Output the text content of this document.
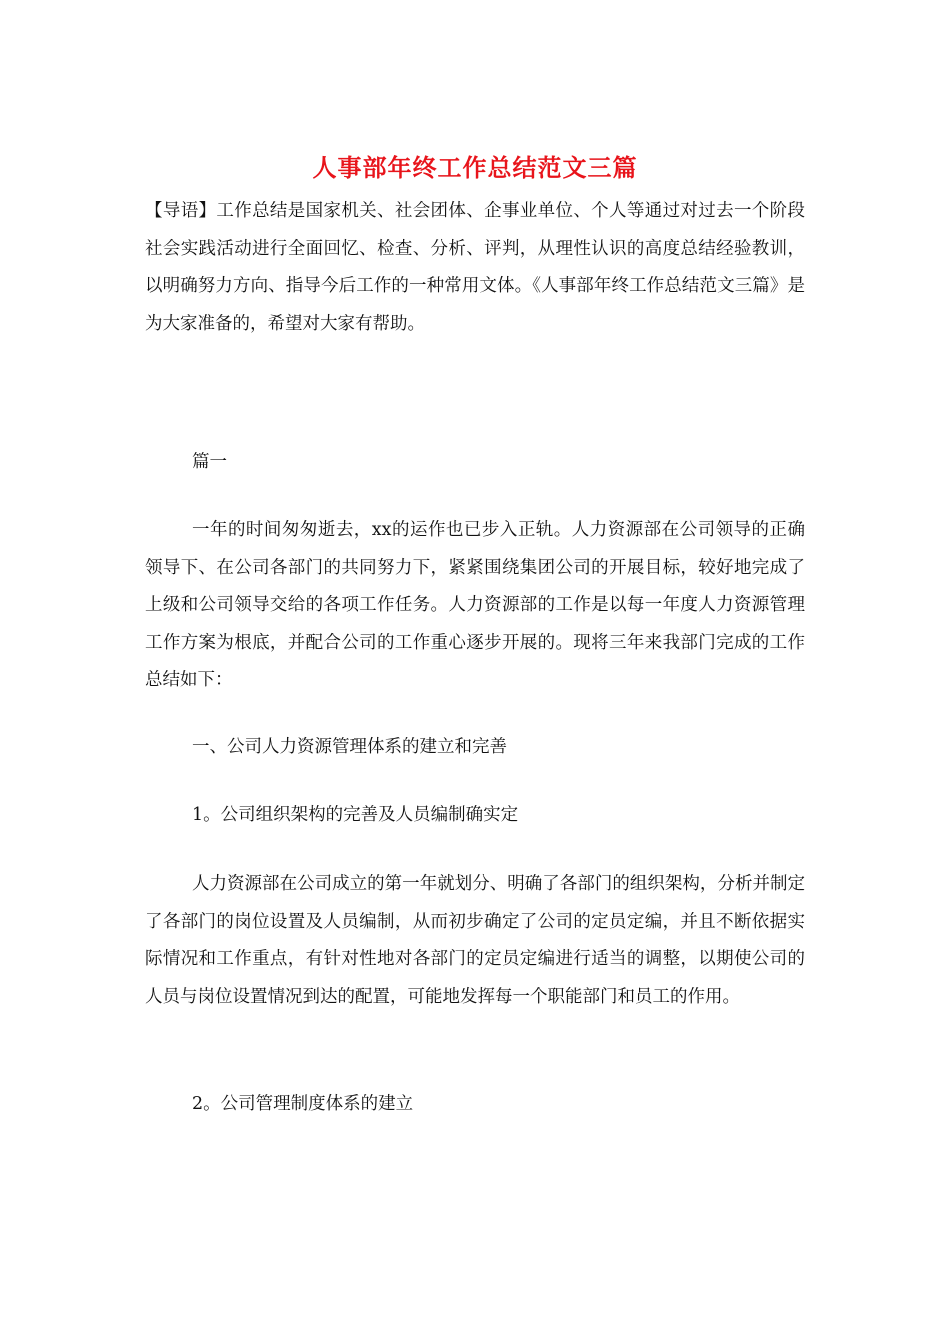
人事部年终工作总结范文三篇
【导语】工作总结是国家机关、社会团体、企事业单位、个人等通过对过去一个阶段社会实践活动进行全面回忆、检查、分析、评判，从理性认识的高度总结经验教训，以明确努力方向、指导今后工作的一种常用文体。《人事部年终工作总结范文三篇》是为大家准备的，希望对大家有帮助。
篇一
一年的时间匆匆逝去，xx的运作也已步入正轨。人力资源部在公司领导的正确领导下、在公司各部门的共同努力下，紧紧围绕集团公司的开展目标，较好地完成了上级和公司领导交给的各项工作任务。人力资源部的工作是以每一年度人力资源管理工作方案为根底，并配合公司的工作重心逐步开展的。现将三年来我部门完成的工作总结如下：
一、公司人力资源管理体系的建立和完善
1。公司组织架构的完善及人员编制确实定
人力资源部在公司成立的第一年就划分、明确了各部门的组织架构，分析并制定了各部门的岗位设置及人员编制，从而初步确定了公司的定员定编，并且不断依据实际情况和工作重点，有针对性地对各部门的定员定编进行适当的调整，以期使公司的人员与岗位设置情况到达的配置，可能地发挥每一个职能部门和员工的作用。
2。公司管理制度体系的建立
